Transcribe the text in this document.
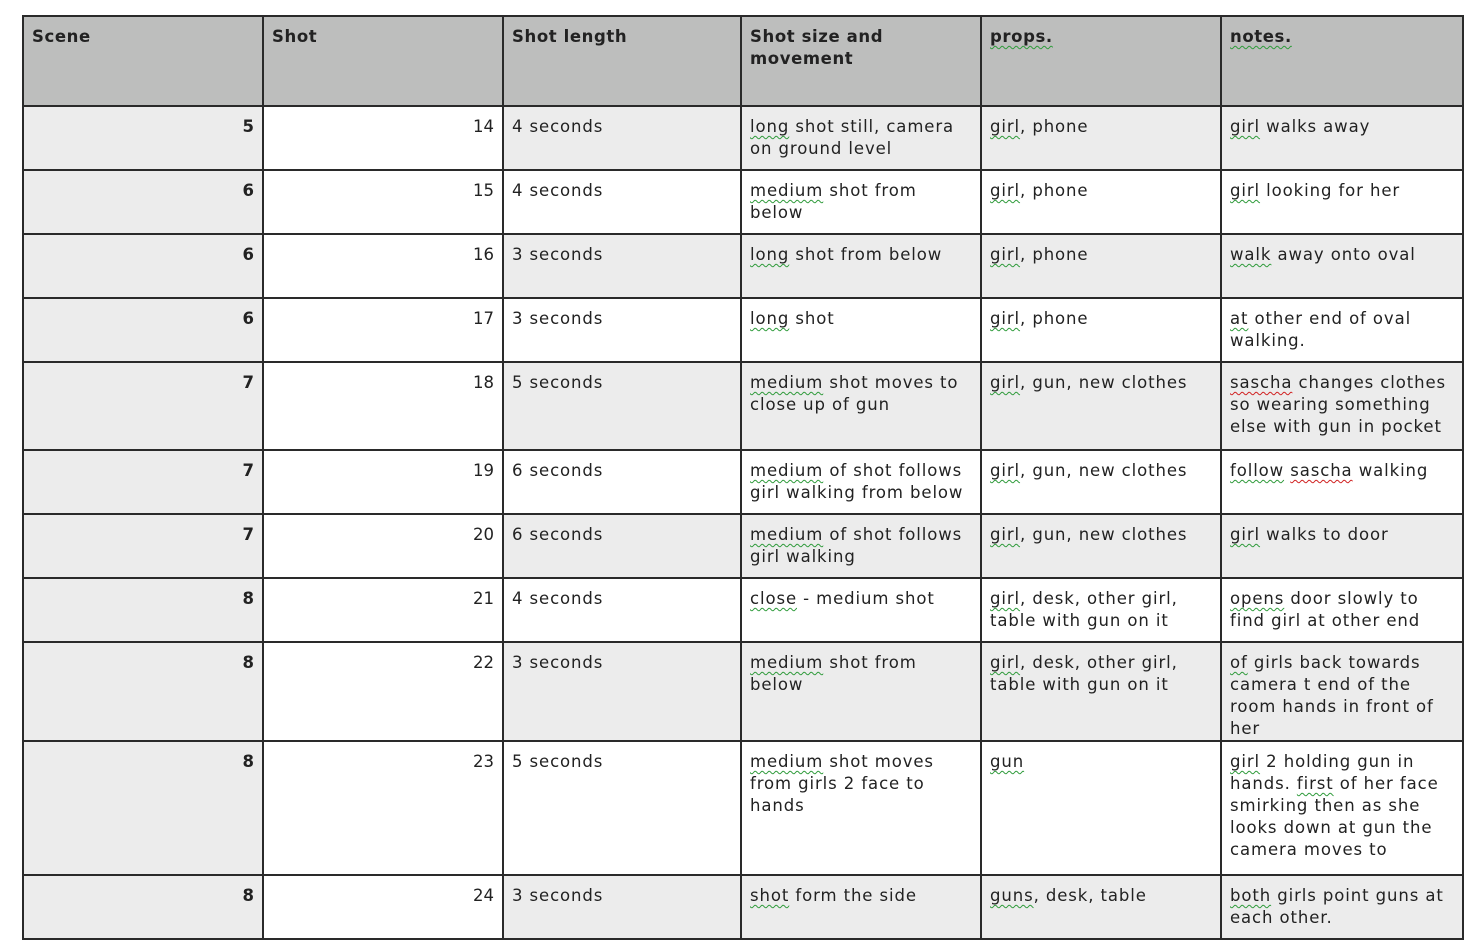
Scene	Shot	Shot length	Shot size and movement	props.	notes.
5	14	4 seconds	long shot still, camera on ground level	girl, phone	girl walks away
6	15	4 seconds	medium shot from below	girl, phone	girl looking for her
6	16	3 seconds	long shot from below	girl, phone	walk away onto oval
6	17	3 seconds	long shot	girl, phone	at other end of oval walking.
7	18	5 seconds	medium shot moves to close up of gun	girl, gun, new clothes	sascha changes clothes so wearing something else with gun in pocket
7	19	6 seconds	medium of shot follows girl walking from below	girl, gun, new clothes	follow sascha walking
7	20	6 seconds	medium of shot follows girl walking	girl, gun, new clothes	girl walks to door
8	21	4 seconds	close - medium shot	girl, desk, other girl, table with gun on it	opens door slowly to find girl at other end
8	22	3 seconds	medium shot from below	girl, desk, other girl, table with gun on it	of girls back towards camera t end of the room hands in front of her
8	23	5 seconds	medium shot moves from girls 2 face to hands	gun	girl 2 holding gun in hands. first of her face smirking then as she looks down at gun the camera moves to
8	24	3 seconds	shot form the side	guns, desk, table	both girls point guns at each other.
